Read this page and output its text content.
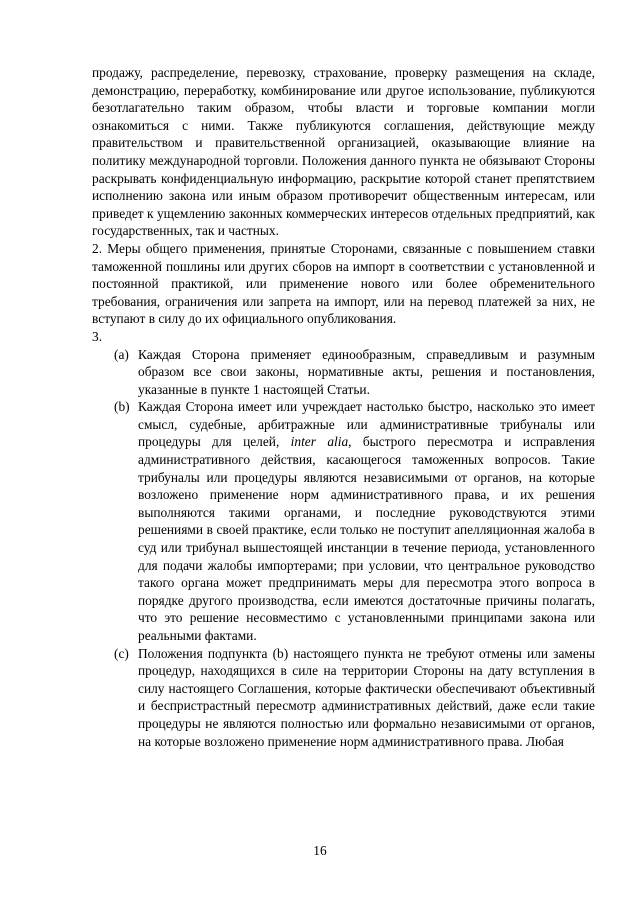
продажу, распределение, перевозку, страхование, проверку размещения на складе, демонстрацию, переработку, комбинирование или другое использование, публикуются безотлагательно таким образом, чтобы власти и торговые компании могли ознакомиться с ними. Также публикуются соглашения, действующие между правительством и правительственной организацией, оказывающие влияние на политику международной торговли. Положения данного пункта не обязывают Стороны раскрывать конфиденциальную информацию, раскрытие которой станет препятствием исполнению закона или иным образом противоречит общественным интересам, или приведет к ущемлению законных коммерческих интересов отдельных предприятий, как государственных, так и частных.

2. Меры общего применения, принятые Сторонами, связанные с повышением ставки таможенной пошлины или других сборов на импорт в соответствии с установленной и постоянной практикой, или применение нового или более обременительного требования, ограничения или запрета на импорт, или на перевод платежей за них, не вступают в силу до их официального опубликования.

3.

(a) Каждая Сторона применяет единообразным, справедливым и разумным образом все свои законы, нормативные акты, решения и постановления, указанные в пункте 1 настоящей Статьи.
(b) Каждая Сторона имеет или учреждает настолько быстро, насколько это имеет смысл, судебные, арбитражные или административные трибуналы или процедуры для целей, inter alia, быстрого пересмотра и исправления административного действия, касающегося таможенных вопросов. Такие трибуналы или процедуры являются независимыми от органов, на которые возложено применение норм административного права, и их решения выполняются такими органами, и последние руководствуются этими решениями в своей практике, если только не поступит апелляционная жалоба в суд или трибунал вышестоящей инстанции в течение периода, установленного для подачи жалобы импортерами; при условии, что центральное руководство такого органа может предпринимать меры для пересмотра этого вопроса в порядке другого производства, если имеются достаточные причины полагать, что это решение несовместимо с установленными принципами закона или реальными фактами.
(c) Положения подпункта (b) настоящего пункта не требуют отмены или замены процедур, находящихся в силе на территории Стороны на дату вступления в силу настоящего Соглашения, которые фактически обеспечивают объективный и беспристрастный пересмотр административных действий, даже если такие процедуры не являются полностью или формально независимыми от органов, на которые возложено применение норм административного права. Любая
16
